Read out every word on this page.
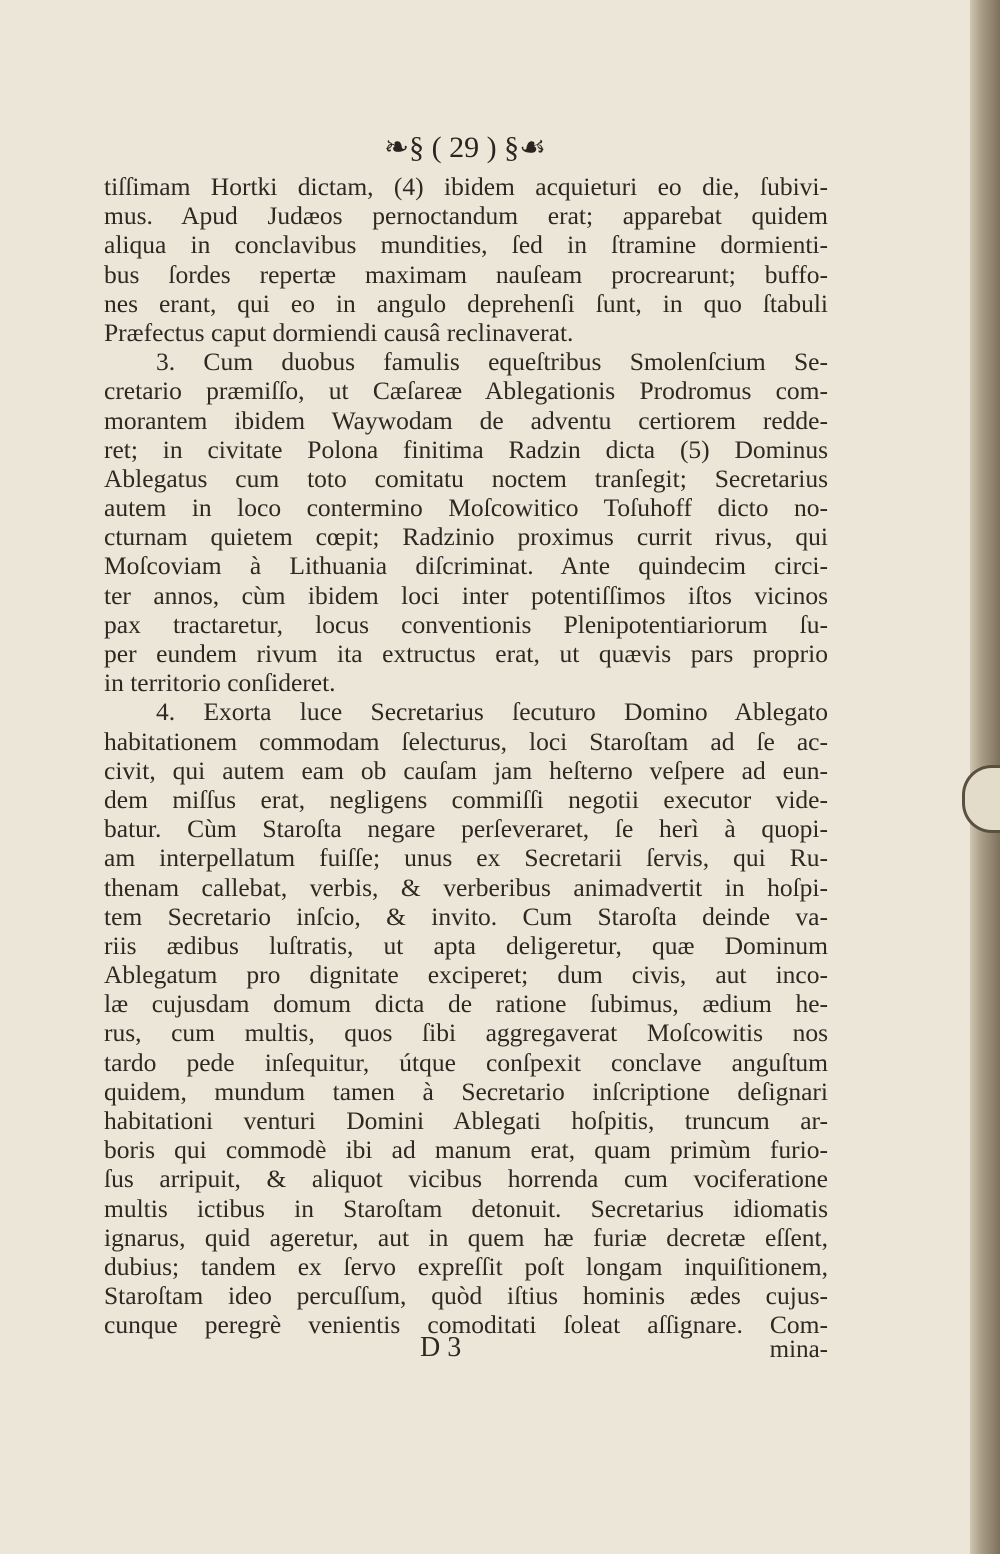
❧§ ( 29 ) §☙
tiſſimam Hortki dictam, (4) ibidem acquieturi eo die, ſubivi-
mus. Apud Judæos pernoctandum erat; apparebat quidem
aliqua in conclavibus mundities, ſed in ſtramine dormienti-
bus ſordes repertæ maximam nauſeam procrearunt; buffo-
nes erant, qui eo in angulo deprehenſi ſunt, in quo ſtabuli
Præfectus caput dormiendi causâ reclinaverat.
3. Cum duobus famulis equeſtribus Smolenſcium Se-
cretario præmiſſo, ut Cæſareæ Ablegationis Prodromus com-
morantem ibidem Waywodam de adventu certiorem redde-
ret; in civitate Polona finitima Radzin dicta (5) Dominus
Ablegatus cum toto comitatu noctem tranſegit; Secretarius
autem in loco contermino Moſcowitico Toſuhoff dicto no-
cturnam quietem cœpit; Radzinio proximus currit rivus, qui
Moſcoviam à Lithuania diſcriminat. Ante quindecim circi-
ter annos, cùm ibidem loci inter potentiſſimos iſtos vicinos
pax tractaretur, locus conventionis Plenipotentiariorum ſu-
per eundem rivum ita extructus erat, ut quævis pars proprio
in territorio conſideret.
4. Exorta luce Secretarius ſecuturo Domino Ablegato
habitationem commodam ſelecturus, loci Staroſtam ad ſe ac-
civit, qui autem eam ob cauſam jam heſterno veſpere ad eun-
dem miſſus erat, negligens commiſſi negotii executor vide-
batur. Cùm Staroſta negare perſeveraret, ſe herì à quopi-
am interpellatum fuiſſe; unus ex Secretarii ſervis, qui Ru-
thenam callebat, verbis, & verberibus animadvertit in hoſpi-
tem Secretario inſcio, & invito. Cum Staroſta deinde va-
riis ædibus luſtratis, ut apta deligeretur, quæ Dominum
Ablegatum pro dignitate exciperet; dum civis, aut inco-
læ cujusdam domum dicta de ratione ſubimus, ædium he-
rus, cum multis, quos ſibi aggregaverat Moſcowitis nos
tardo pede inſequitur, útque conſpexit conclave anguſtum
quidem, mundum tamen à Secretario inſcriptione deſignari
habitationi venturi Domini Ablegati hoſpitis, truncum ar-
boris qui commodè ibi ad manum erat, quam primùm furio-
ſus arripuit, & aliquot vicibus horrenda cum vociferatione
multis ictibus in Staroſtam detonuit. Secretarius idiomatis
ignarus, quid ageretur, aut in quem hæ furiæ decretæ eſſent,
dubius; tandem ex ſervo expreſſit poſt longam inquiſitionem,
Staroſtam ideo percuſſum, quòd iſtius hominis ædes cujus-
cunque peregrè venientis comoditati ſoleat aſſignare. Com-
D 3	mina-
